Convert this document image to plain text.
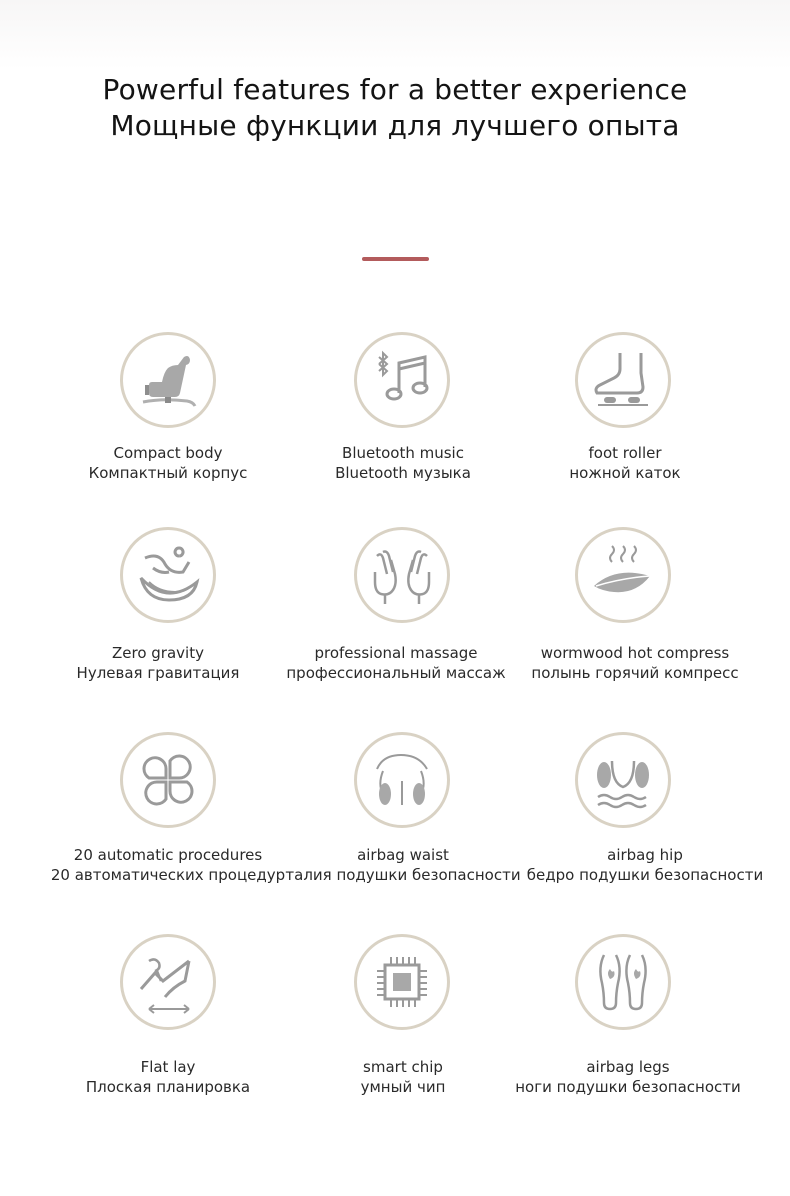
Powerful features for a better experience
Мощные функции для лучшего опыта
Compact body
Компактный корпус
Bluetooth music
Bluetooth музыка
foot roller
ножной каток
Zero gravity
Нулевая гравитация
professional massage
профессиональный массаж
wormwood hot compress
полынь горячий компресс
20 automatic procedures
20 автоматических процедур
airbag waist
талия подушки безопасности
airbag hip
бедро подушки безопасности
Flat lay
Плоская планировка
smart chip
умный чип
airbag legs
ноги подушки безопасности
